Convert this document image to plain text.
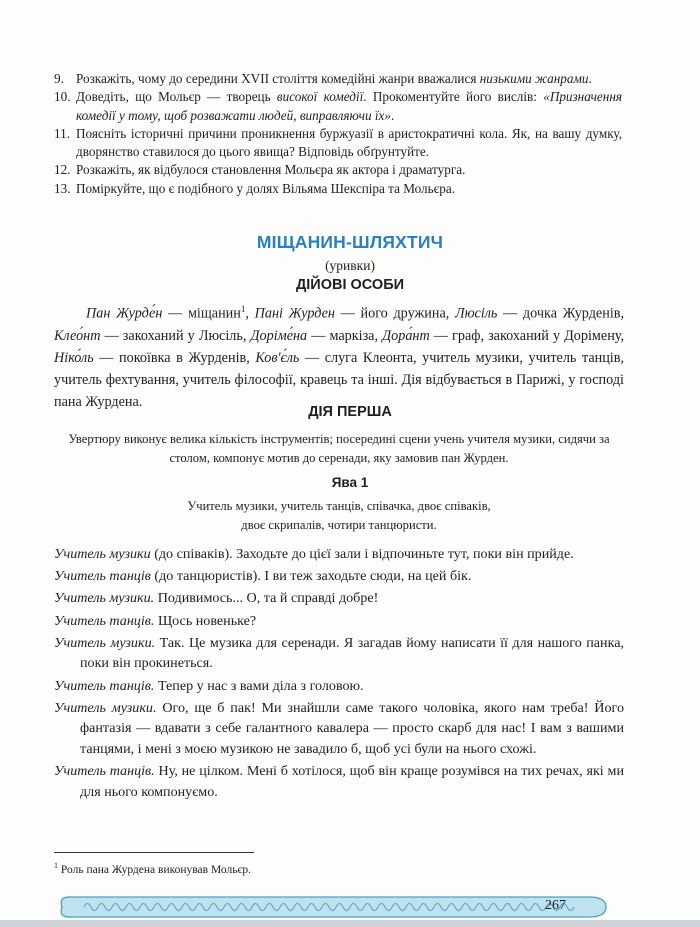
9. Розкажіть, чому до середини XVII століття комедійні жанри вважалися низькими жанрами.
10. Доведіть, що Мольєр — творець високої комедії. Прокоментуйте його вислів: «Призначення комедії у тому, щоб розважати людей, виправляючи їх».
11. Поясніть історичні причини проникнення буржуазії в аристократичні кола. Як, на вашу думку, дворянство ставилося до цього явища? Відповідь обґрунтуйте.
12. Розкажіть, як відбулося становлення Мольєра як актора і драматурга.
13. Поміркуйте, що є подібного у долях Вільяма Шекспіра та Мольєра.
МІЩАНИН-ШЛЯХТИЧ
(уривки)
ДІЙОВІ ОСОБИ
Пан Журде́н — міщанин$^1$, Пані Журден — його дружина, Люсіль — дочка Журденів, Клео́нт — закоханий у Люсіль, Доріме́на — маркіза, Дора́нт — граф, закоханий у Дорімену, Ніко́ль — покоївка в Журденів, Ков'є́ль — слуга Клеонта, учитель музики, учитель танців, учитель фехтування, учитель філософії, кравець та інші. Дія відбувається в Парижі, у господі пана Журдена.
ДІЯ ПЕРША
Увертюру виконує велика кількість інструментів; посередині сцени учень учителя музики, сидячи за столом, компонує мотив до серенади, яку замовив пан Журден.
Ява 1
Учитель музики, учитель танців, співачка, двоє співаків,
двоє скрипалів, чотири танцюристи.
Учитель музики (до співаків). Заходьте до цієї зали і відпочиньте тут, поки він прийде.
Учитель танців (до танцюристів). І ви теж заходьте сюди, на цей бік.
Учитель музики. Подивимось... О, та й справді добре!
Учитель танців. Щось новеньке?
Учитель музики. Так. Це музика для серенади. Я загадав йому написати її для нашого панка, поки він прокинеться.
Учитель танців. Тепер у нас з вами діла з головою.
Учитель музики. Ого, ще б пак! Ми знайшли саме такого чоловіка, якого нам треба! Його фантазія — вдавати з себе галантного кавалера — просто скарб для нас! І вам з вашими танцями, і мені з моєю музикою не завадило б, щоб усі були на нього схожі.
Учитель танців. Ну, не цілком. Мені б хотілося, щоб він краще розумівся на тих речах, які ми для нього компонуємо.
$^1$ Роль пана Журдена виконував Мольєр.
267
